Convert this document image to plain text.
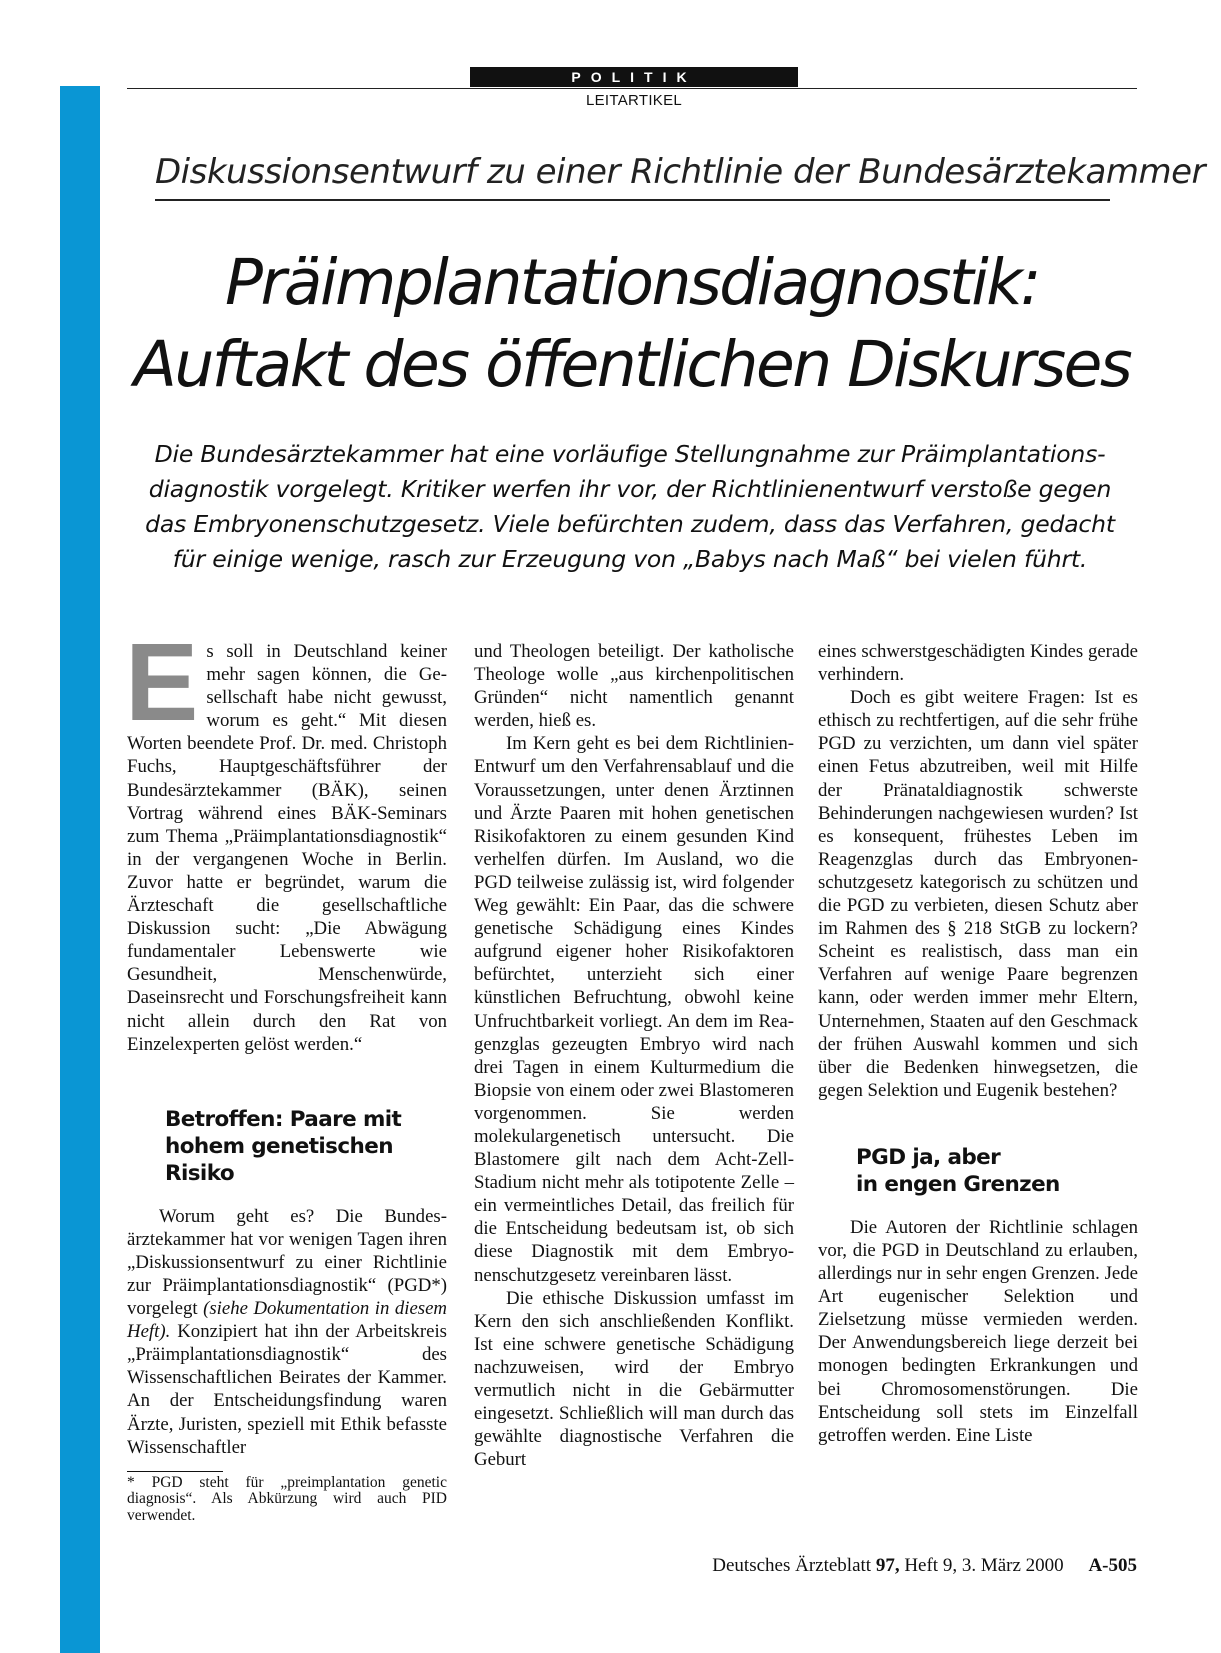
POLITIK
LEITARTIKEL
Diskussionsentwurf zu einer Richtlinie der Bundesärztekammer
Präimplantationsdiagnostik:
Auftakt des öffentlichen Diskurses
Die Bundesärztekammer hat eine vorläufige Stellungnahme zur Präimplantations-
diagnostik vorgelegt. Kritiker werfen ihr vor, der Richtlinienentwurf verstoße gegen
das Embryonenschutzgesetz. Viele befürchten zudem, dass das Verfahren, gedacht
für einige wenige, rasch zur Erzeugung von „Babys nach Maß“ bei vielen führt.

Es soll in Deutschland keiner mehr sagen können, die Gesellschaft habe nicht gewusst, worum es geht.“ Mit diesen Worten beendete Prof. Dr. med. Christoph Fuchs, Hauptgeschäftsführer der Bundesärztekammer (BÄK), seinen Vortrag während eines BÄK-Seminars zum Thema „Präimplantationsdiagnostik“ in der vergangenen Woche in Berlin. Zuvor hatte er begründet, warum die Ärzteschaft die gesellschaftliche Diskussion sucht: „Die Abwägung fundamentaler Lebenswerte wie Gesundheit, Menschenwürde, Daseinsrecht und Forschungsfreiheit kann nicht allein durch den Rat von Einzelexperten gelöst werden.“

Betroffen: Paare mit
hohem genetischen Risiko

Worum geht es? Die Bundesärztekammer hat vor wenigen Tagen ihren „Diskussionsentwurf zu einer Richtlinie zur Präimplantationsdiagnostik“ (PGD*) vorgelegt (siehe Dokumentation in diesem Heft). Konzipiert hat ihn der Arbeitskreis „Präimplantationsdiagnostik“ des Wissenschaftlichen Beirates der Kammer. An der Entscheidungsfindung waren Ärzte, Juristen, speziell mit Ethik befasste Wissenschaftler

* PGD steht für „preimplantation genetic diagnosis“. Als Abkürzung wird auch PID verwendet.

und Theologen beteiligt. Der katholische Theologe wolle „aus kirchenpolitischen Gründen“ nicht namentlich genannt werden, hieß es.

Im Kern geht es bei dem Richtlinien-Entwurf um den Verfahrensablauf und die Voraussetzungen, unter denen Ärztinnen und Ärzte Paaren mit hohen genetischen Risikofaktoren zu einem gesunden Kind verhelfen dürfen. Im Ausland, wo die PGD teilweise zulässig ist, wird folgender Weg gewählt: Ein Paar, das die schwere genetische Schädigung eines Kindes aufgrund eigener hoher Risikofaktoren befürchtet, unterzieht sich einer künstlichen Befruchtung, obwohl keine Unfruchtbarkeit vorliegt. An dem im Reagenzglas gezeugten Embryo wird nach drei Tagen in einem Kulturmedium die Biopsie von einem oder zwei Blastomeren vorgenommen. Sie werden molekulargenetisch untersucht. Die Blastomere gilt nach dem Acht-Zell-Stadium nicht mehr als totipotente Zelle – ein vermeintliches Detail, das freilich für die Entscheidung bedeutsam ist, ob sich diese Diagnostik mit dem Embryonenschutzgesetz vereinbaren lässt.

Die ethische Diskussion umfasst im Kern den sich anschließenden Konflikt. Ist eine schwere genetische Schädigung nachzuweisen, wird der Embryo vermutlich nicht in die Gebärmutter eingesetzt. Schließlich will man durch das gewählte diagnostische Verfahren die Geburt

eines schwerstgeschädigten Kindes gerade verhindern.

Doch es gibt weitere Fragen: Ist es ethisch zu rechtfertigen, auf die sehr frühe PGD zu verzichten, um dann viel später einen Fetus abzutreiben, weil mit Hilfe der Pränataldiagnostik schwerste Behinderungen nachgewiesen wurden? Ist es konsequent, frühestes Leben im Reagenzglas durch das Embryonenschutzgesetz kategorisch zu schützen und die PGD zu verbieten, diesen Schutz aber im Rahmen des § 218 StGB zu lockern? Scheint es realistisch, dass man ein Verfahren auf wenige Paare begrenzen kann, oder werden immer mehr Eltern, Unternehmen, Staaten auf den Geschmack der frühen Auswahl kommen und sich über die Bedenken hinwegsetzen, die gegen Selektion und Eugenik bestehen?

PGD ja, aber
in engen Grenzen

Die Autoren der Richtlinie schlagen vor, die PGD in Deutschland zu erlauben, allerdings nur in sehr engen Grenzen. Jede Art eugenischer Selektion und Zielsetzung müsse vermieden werden. Der Anwendungsbereich liege derzeit bei monogen bedingten Erkrankungen und bei Chromosomenstörungen. Die Entscheidung soll stets im Einzelfall getroffen werden. Eine Liste

Deutsches Ärzteblatt 97, Heft 9, 3. März 2000 A-505
